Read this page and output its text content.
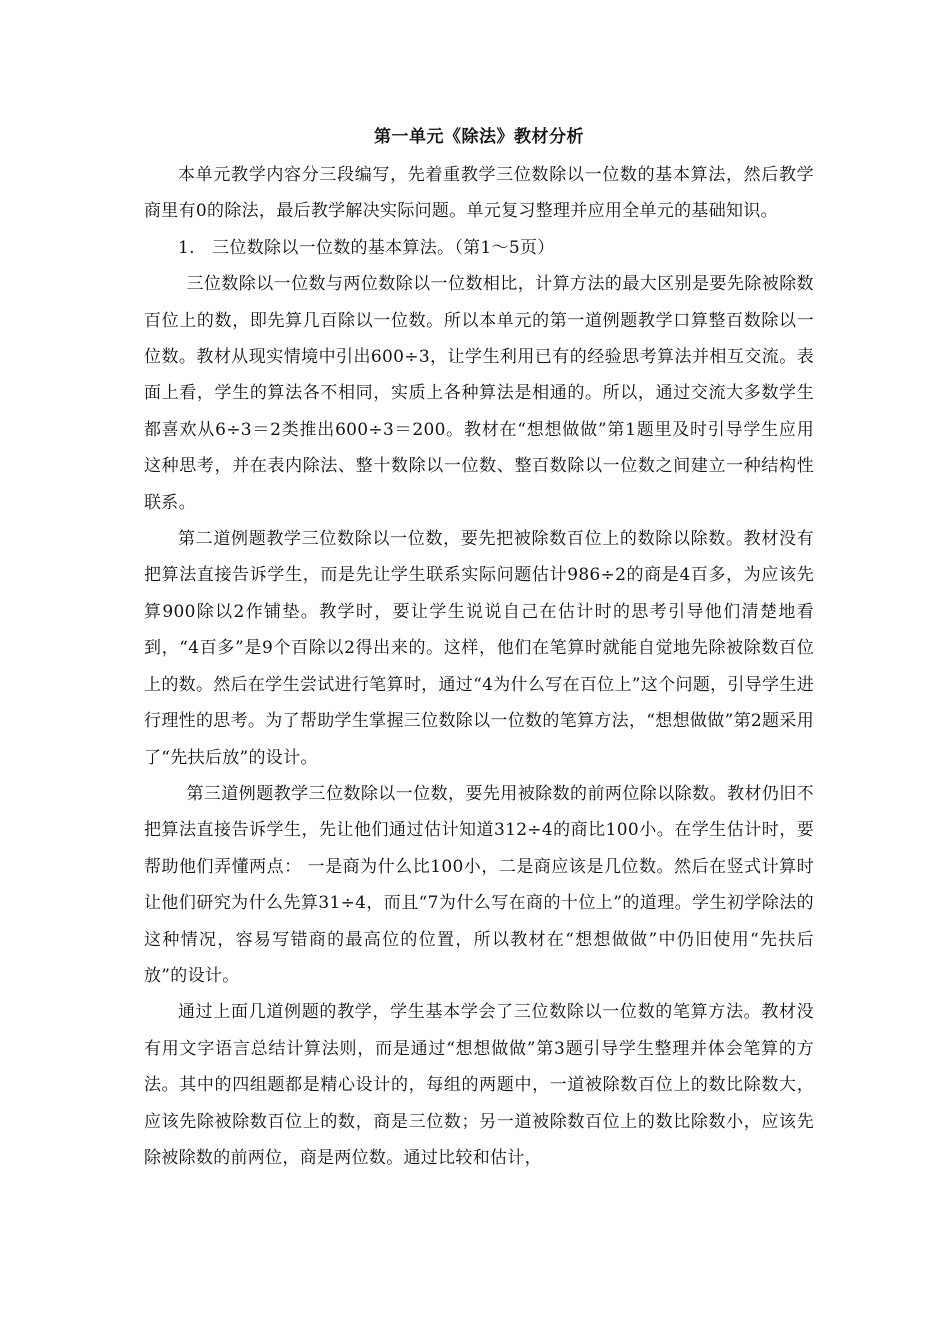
第一单元《除法》教材分析

本单元教学内容分三段编写，先着重教学三位数除以一位数的基本算法，然后教学商里有0的除法，最后教学解决实际问题。单元复习整理并应用全单元的基础知识。

1.　三位数除以一位数的基本算法。（第1～5页）

三位数除以一位数与两位数除以一位数相比，计算方法的最大区别是要先除被除数百位上的数，即先算几百除以一位数。所以本单元的第一道例题教学口算整百数除以一位数。教材从现实情境中引出600÷3，让学生利用已有的经验思考算法并相互交流。表面上看，学生的算法各不相同，实质上各种算法是相通的。所以，通过交流大多数学生都喜欢从6÷3＝2类推出600÷3＝200。教材在“想想做做”第1题里及时引导学生应用这种思考，并在表内除法、整十数除以一位数、整百数除以一位数之间建立一种结构性联系。

第二道例题教学三位数除以一位数，要先把被除数百位上的数除以除数。教材没有把算法直接告诉学生，而是先让学生联系实际问题估计986÷2的商是4百多，为应该先算900除以2作铺垫。教学时，要让学生说说自己在估计时的思考引导他们清楚地看到，“4百多”是9个百除以2得出来的。这样，他们在笔算时就能自觉地先除被除数百位上的数。然后在学生尝试进行笔算时，通过“4为什么写在百位上”这个问题，引导学生进行理性的思考。为了帮助学生掌握三位数除以一位数的笔算方法，“想想做做”第2题采用了“先扶后放”的设计。

第三道例题教学三位数除以一位数，要先用被除数的前两位除以除数。教材仍旧不把算法直接告诉学生，先让他们通过估计知道312÷4的商比100小。在学生估计时，要帮助他们弄懂两点： 一是商为什么比100小，二是商应该是几位数。然后在竖式计算时让他们研究为什么先算31÷4，而且“7为什么写在商的十位上”的道理。学生初学除法的这种情况，容易写错商的最高位的位置，所以教材在“想想做做”中仍旧使用“先扶后放”的设计。

通过上面几道例题的教学，学生基本学会了三位数除以一位数的笔算方法。教材没有用文字语言总结计算法则，而是通过“想想做做”第3题引导学生整理并体会笔算的方法。其中的四组题都是精心设计的，每组的两题中，一道被除数百位上的数比除数大，应该先除被除数百位上的数，商是三位数；另一道被除数百位上的数比除数小，应该先除被除数的前两位，商是两位数。通过比较和估计，
